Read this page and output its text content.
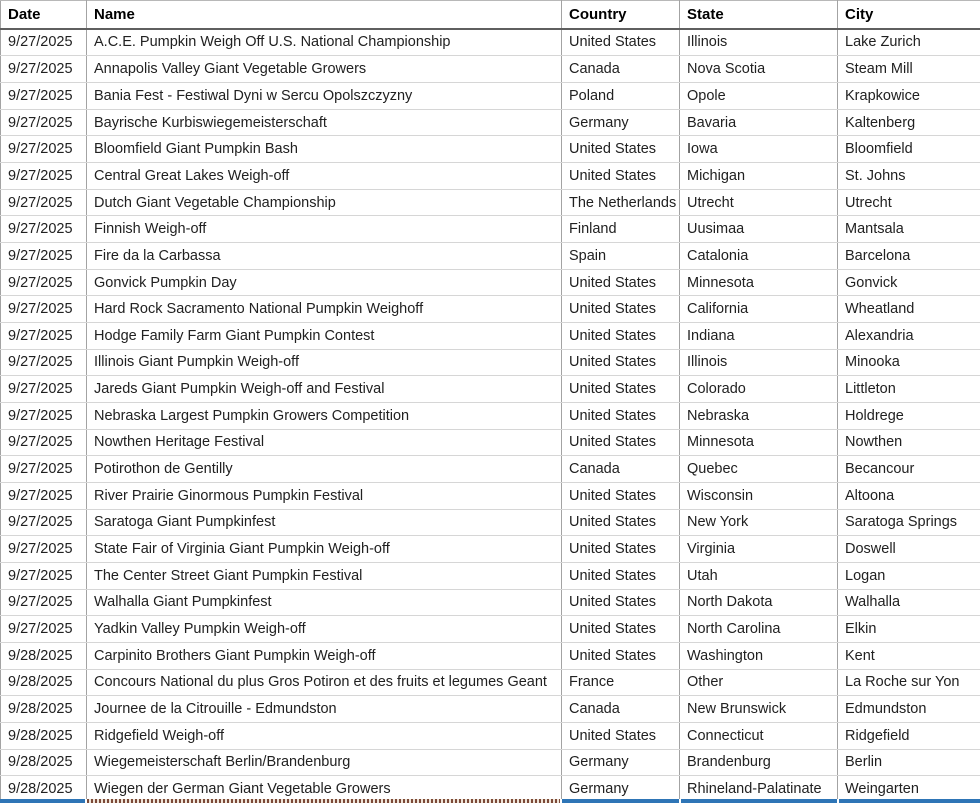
Date	Name	Country	State	City
9/27/2025	A.C.E. Pumpkin Weigh Off U.S. National Championship	United States	Illinois	Lake Zurich
9/27/2025	Annapolis Valley Giant Vegetable Growers	Canada	Nova Scotia	Steam Mill
9/27/2025	Bania Fest - Festiwal Dyni w Sercu Opolszczyzny	Poland	Opole	Krapkowice
9/27/2025	Bayrische Kurbiswiegemeisterschaft	Germany	Bavaria	Kaltenberg
9/27/2025	Bloomfield Giant Pumpkin Bash	United States	Iowa	Bloomfield
9/27/2025	Central Great Lakes Weigh-off	United States	Michigan	St. Johns
9/27/2025	Dutch Giant Vegetable Championship	The Netherlands	Utrecht	Utrecht
9/27/2025	Finnish Weigh-off	Finland	Uusimaa	Mantsala
9/27/2025	Fire da la Carbassa	Spain	Catalonia	Barcelona
9/27/2025	Gonvick Pumpkin Day	United States	Minnesota	Gonvick
9/27/2025	Hard Rock Sacramento National Pumpkin Weighoff	United States	California	Wheatland
9/27/2025	Hodge Family Farm Giant Pumpkin Contest	United States	Indiana	Alexandria
9/27/2025	Illinois Giant Pumpkin Weigh-off	United States	Illinois	Minooka
9/27/2025	Jareds Giant Pumpkin Weigh-off and Festival	United States	Colorado	Littleton
9/27/2025	Nebraska Largest Pumpkin Growers Competition	United States	Nebraska	Holdrege
9/27/2025	Nowthen Heritage Festival	United States	Minnesota	Nowthen
9/27/2025	Potirothon de Gentilly	Canada	Quebec	Becancour
9/27/2025	River Prairie Ginormous Pumpkin Festival	United States	Wisconsin	Altoona
9/27/2025	Saratoga Giant Pumpkinfest	United States	New York	Saratoga Springs
9/27/2025	State Fair of Virginia Giant Pumpkin Weigh-off	United States	Virginia	Doswell
9/27/2025	The Center Street Giant Pumpkin Festival	United States	Utah	Logan
9/27/2025	Walhalla Giant Pumpkinfest	United States	North Dakota	Walhalla
9/27/2025	Yadkin Valley Pumpkin Weigh-off	United States	North Carolina	Elkin
9/28/2025	Carpinito Brothers Giant Pumpkin Weigh-off	United States	Washington	Kent
9/28/2025	Concours National du plus Gros Potiron et des fruits et legumes Geant	France	Other	La Roche sur Yon
9/28/2025	Journee de la Citrouille - Edmundston	Canada	New Brunswick	Edmundston
9/28/2025	Ridgefield Weigh-off	United States	Connecticut	Ridgefield
9/28/2025	Wiegemeisterschaft Berlin/Brandenburg	Germany	Brandenburg	Berlin
9/28/2025	Wiegen der German Giant Vegetable Growers	Germany	Rhineland-Palatinate	Weingarten
